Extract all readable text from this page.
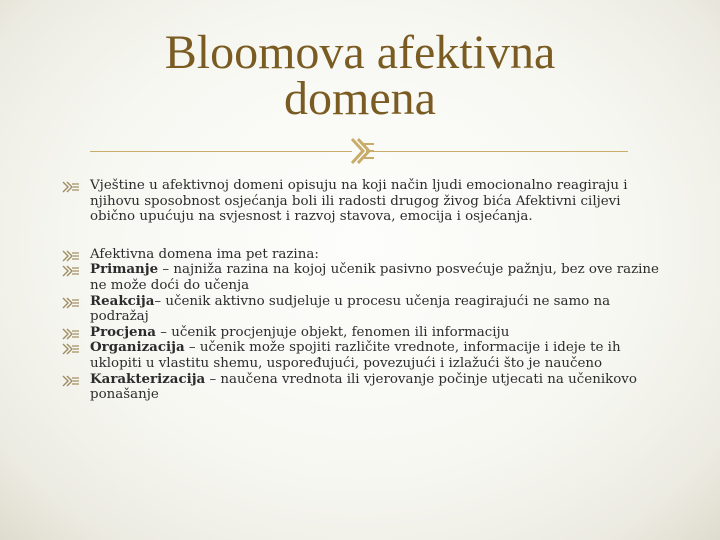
Bloomova afektivna
domena
Vještine u afektivnoj domeni opisuju na koji način ljudi emocionalno reagiraju i njihovu sposobnost osjećanja boli ili radosti drugog živog bića Afektivni ciljevi obično upućuju na svjesnost i razvoj stavova, emocija i osjećanja.
Afektivna domena ima pet razina:
Primanje – najniža razina na kojoj učenik pasivno posvećuje pažnju, bez ove razine ne može doći do učenja
Reakcija– učenik aktivno sudjeluje u procesu učenja reagirajući ne samo na podražaj
Procjena – učenik procjenjuje objekt, fenomen ili informaciju
Organizacija – učenik može spojiti različite vrednote, informacije i ideje te ih uklopiti u vlastitu shemu, uspoređujući, povezujući i izlažući što je naučeno
Karakterizacija – naučena vrednota ili vjerovanje počinje utjecati na učenikovo ponašanje
